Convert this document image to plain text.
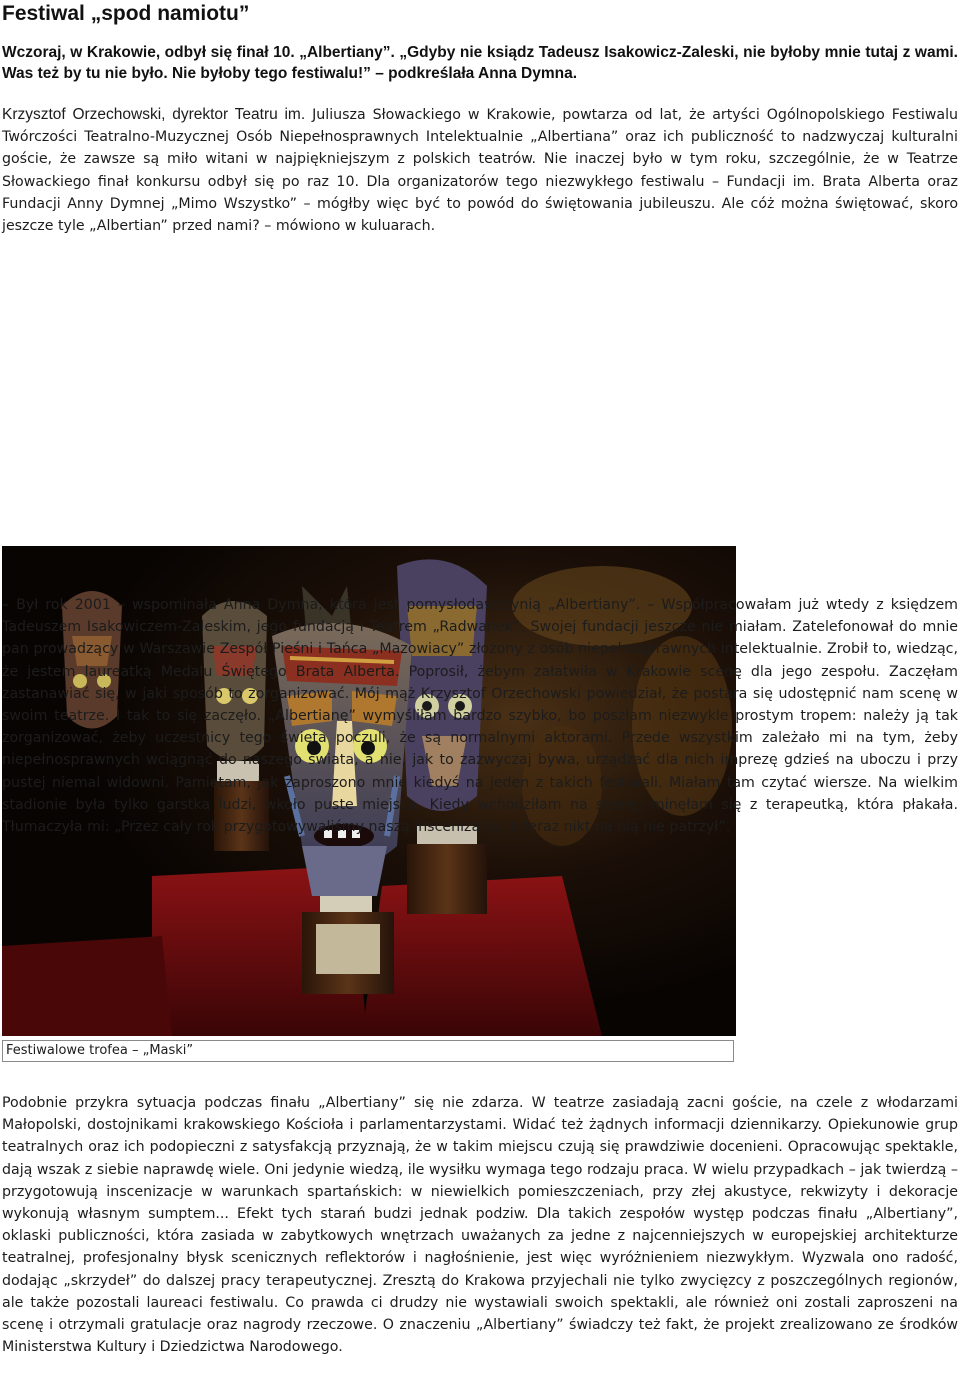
Festiwal „spod namiotu”

Wczoraj, w Krakowie, odbył się finał 10. „Albertiany”. „Gdyby nie ksiądz Tadeusz Isakowicz-Zaleski, nie byłoby mnie tutaj z wami. Was też by tu nie było. Nie byłoby tego festiwalu!” – podkreślała Anna Dymna.

Krzysztof Orzechowski, dyrektor Teatru im. Juliusza Słowackiego w Krakowie, powtarza od lat, że artyści Ogólnopolskiego Festiwalu Twórczości Teatralno-Muzycznej Osób Niepełnosprawnych Intelektualnie „Albertiana” oraz ich publiczność to nadzwyczaj kulturalni goście, że zawsze są miło witani w najpiękniejszym z polskich teatrów. Nie inaczej było w tym roku, szczególnie, że w Teatrze Słowackiego finał konkursu odbył się po raz 10. Dla organizatorów tego niezwykłego festiwalu – Fundacji im. Brata Alberta oraz Fundacji Anny Dymnej „Mimo Wszystko” – mógłby więc być to powód do świętowania jubileuszu. Ale cóż można świętować, skoro jeszcze tyle „Albertian” przed nami? – mówiono w kuluarach.

Festiwalowe trofea – „Maski”

– Był rok 2001 – wspominała Anna Dymna, która jest pomysłodawczynią „Albertiany”. – Współpracowałam już wtedy z księdzem Tadeuszem Isakowiczem-Zaleskim, jego fundacją i Teatrem „Radwanek”. Swojej fundacji jeszcze nie miałam. Zatelefonował do mnie pan prowadzący w Warszawie Zespół Pieśni i Tańca „Mazowiacy” złożony z osób niepełnosprawnych intelektualnie. Zrobił to, wiedząc, że jestem laureatką Medalu Świętego Brata Alberta. Poprosił, żebym załatwiła w Krakowie scenę dla jego zespołu. Zaczęłam zastanawiać się, w jaki sposób to zorganizować. Mój mąż Krzysztof Orzechowski powiedział, że postara się udostępnić nam scenę w swoim teatrze. I tak to się zaczęło. „Albertianę” wymyśliłam bardzo szybko, bo poszłam niezwykle prostym tropem: należy ją tak zorganizować, żeby uczestnicy tego święta poczuli, że są normalnymi aktorami. Przede wszystkim zależało mi na tym, żeby niepełnosprawnych wciągnąć do naszego świata, a nie, jak to zazwyczaj bywa, urządzać dla nich imprezę gdzieś na uboczu i przy pustej niemal widowni. Pamiętam, jak zaproszono mnie kiedyś na jeden z takich festiwali. Miałam tam czytać wiersze. Na wielkim stadionie była tylko garstka ludzi, wkoło puste miejsca. Kiedy wchodziłam na scenę, minęłam się z terapeutką, która płakała. Tłumaczyła mi: „Przez cały rok przygotowywaliśmy naszą inscenizację, a teraz nikt na nią nie patrzył”.

Podobnie przykra sytuacja podczas finału „Albertiany” się nie zdarza. W teatrze zasiadają zacni goście, na czele z włodarzami Małopolski, dostojnikami krakowskiego Kościoła i parlamentarzystami. Widać też żądnych informacji dziennikarzy. Opiekunowie grup teatralnych oraz ich podopieczni z satysfakcją przyznają, że w takim miejscu czują się prawdziwie docenieni. Opracowując spektakle, dają wszak z siebie naprawdę wiele. Oni jedynie wiedzą, ile wysiłku wymaga tego rodzaju praca. W wielu przypadkach – jak twierdzą – przygotowują inscenizacje w warunkach spartańskich: w niewielkich pomieszczeniach, przy złej akustyce, rekwizyty i dekoracje wykonują własnym sumptem... Efekt tych starań budzi jednak podziw. Dla takich zespołów występ podczas finału „Albertiany”, oklaski publiczności, która zasiada w zabytkowych wnętrzach uważanych za jedne z najcenniejszych w europejskiej architekturze teatralnej, profesjonalny błysk scenicznych reflektorów i nagłośnienie, jest więc wyróżnieniem niezwykłym. Wyzwala ono radość, dodając „skrzydeł” do dalszej pracy terapeutycznej. Zresztą do Krakowa przyjechali nie tylko zwycięzcy z poszczególnych regionów, ale także pozostali laureaci festiwalu. Co prawda ci drudzy nie wystawiali swoich spektakli, ale również oni zostali zaproszeni na scenę i otrzymali gratulacje oraz nagrody rzeczowe. O znaczeniu „Albertiany” świadczy też fakt, że projekt zrealizowano ze środków Ministerstwa Kultury i Dziedzictwa Narodowego.
